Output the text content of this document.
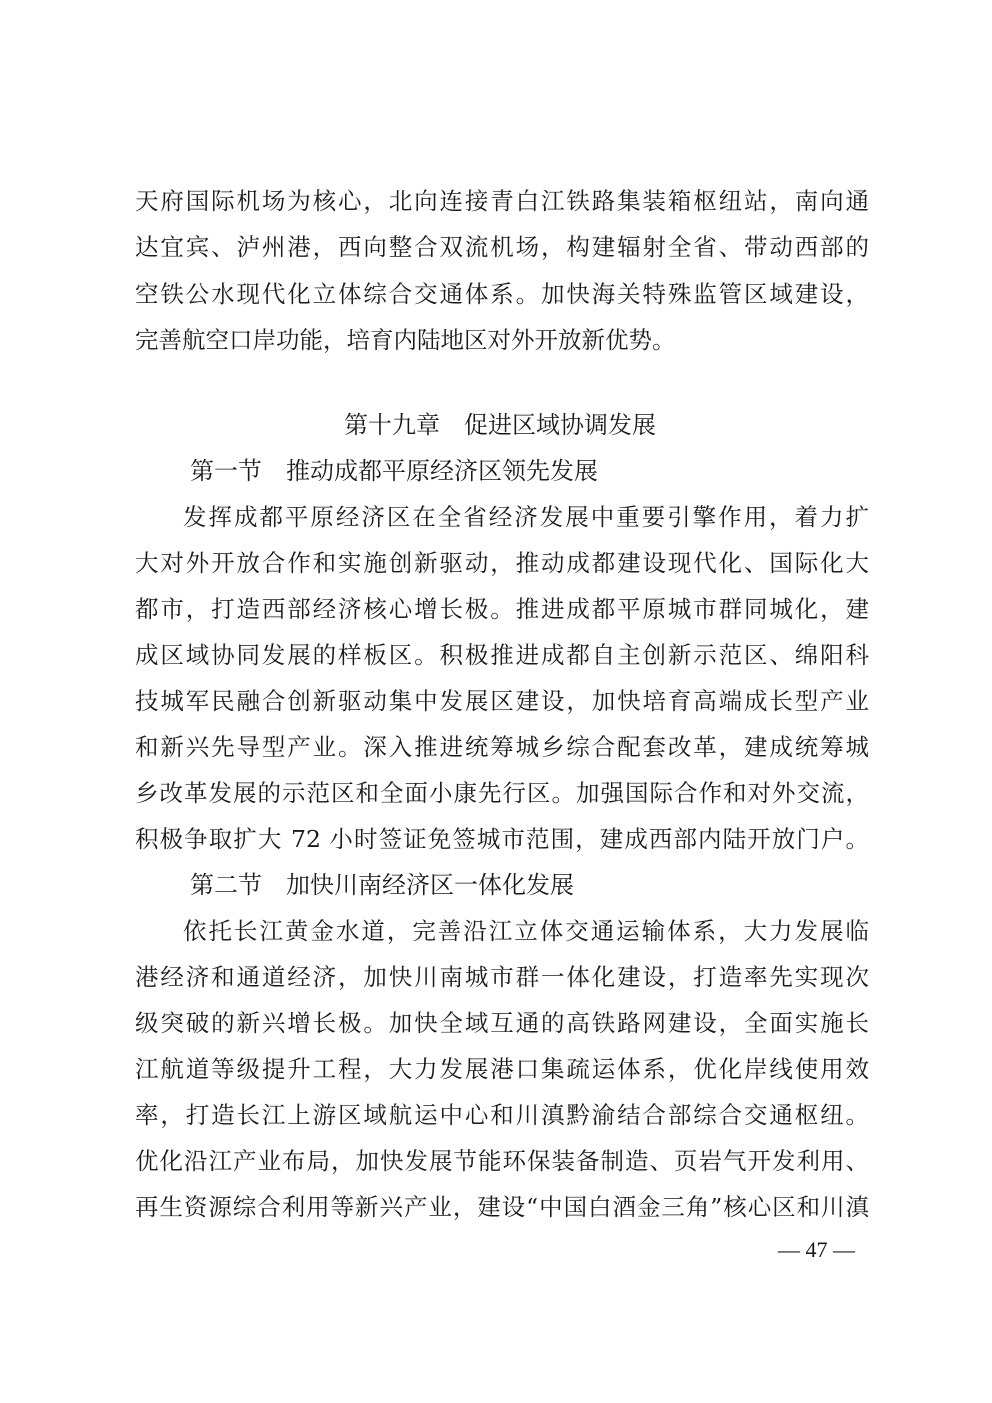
天府国际机场为核心，北向连接青白江铁路集装箱枢纽站，南向通
达宜宾、泸州港，西向整合双流机场，构建辐射全省、带动西部的
空铁公水现代化立体综合交通体系。加快海关特殊监管区域建设，
完善航空口岸功能，培育内陆地区对外开放新优势。
第十九章　促进区域协调发展
第一节　推动成都平原经济区领先发展
发挥成都平原经济区在全省经济发展中重要引擎作用，着力扩
大对外开放合作和实施创新驱动，推动成都建设现代化、国际化大
都市，打造西部经济核心增长极。推进成都平原城市群同城化，建
成区域协同发展的样板区。积极推进成都自主创新示范区、绵阳科
技城军民融合创新驱动集中发展区建设，加快培育高端成长型产业
和新兴先导型产业。深入推进统筹城乡综合配套改革，建成统筹城
乡改革发展的示范区和全面小康先行区。加强国际合作和对外交流，
积极争取扩大 72 小时签证免签城市范围，建成西部内陆开放门户。
第二节　加快川南经济区一体化发展
依托长江黄金水道，完善沿江立体交通运输体系，大力发展临
港经济和通道经济，加快川南城市群一体化建设，打造率先实现次
级突破的新兴增长极。加快全域互通的高铁路网建设，全面实施长
江航道等级提升工程，大力发展港口集疏运体系，优化岸线使用效
率，打造长江上游区域航运中心和川滇黔渝结合部综合交通枢纽。
优化沿江产业布局，加快发展节能环保装备制造、页岩气开发利用、
再生资源综合利用等新兴产业，建设“中国白酒金三角”核心区和川滇
— 47 —
